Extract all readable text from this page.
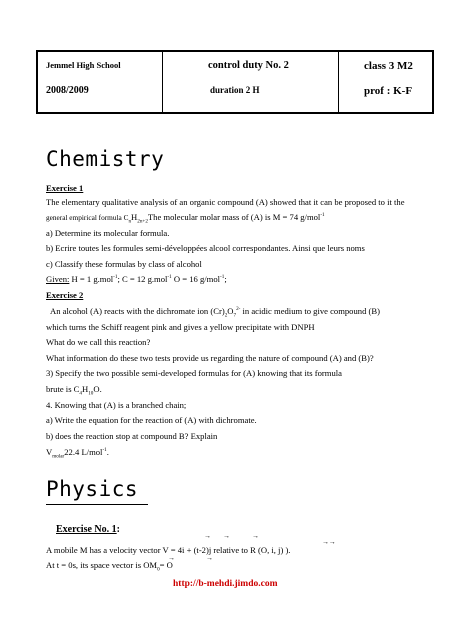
Jemmel High School
2008/2009
control duty No. 2
duration 2 H
class 3 M2
prof : K-F
Chemistry
Exercise 1
The elementary qualitative analysis of an organic compound (A) showed that it can be proposed to it the
general empirical formula $C_nH_{2n+2}The$ molecular molar mass of (A) is M = 74 g/mol$^{-1}$
a) Determine its molecular formula.
b) Ecrire toutes les formules semi-développées alcool correspondantes. Ainsi que leurs noms
c) Classify these formulas by class of alcohol
Given: H = 1 g.mol$^{-1}$; C = 12 g.mol$^{-1}$ O = 16 g/mol$^{-1}$;
Exercise 2
An alcohol (A) reacts with the dichromate ion $(Cr)_2O_7^{2-}$ in acidic medium to give compound (B)
which turns the Schiff reagent pink and gives a yellow precipitate with DNPH
What do we call this reaction?
What information do these two tests provide us regarding the nature of compound (A) and (B)?
3) Specify the two possible semi-developed formulas for (A) knowing that its formula
brute is $C_4H_{10}O$.
4. Knowing that (A) is a branched chain;
a) Write the equation for the reaction of (A) with dichromate.
b) does the reaction stop at compound B? Explain
$V_{molar}22.4$ L/mol$^{-1}$.
Physics
Exercise No. 1:
→ →	→
→ →
A mobile M has a velocity vector V = 4i + (t-2)j relative to R (O, i, j) ).
→	→
At t = 0s, its space vector is $OM_0= O$
http://b-mehdi.jimdo.com
